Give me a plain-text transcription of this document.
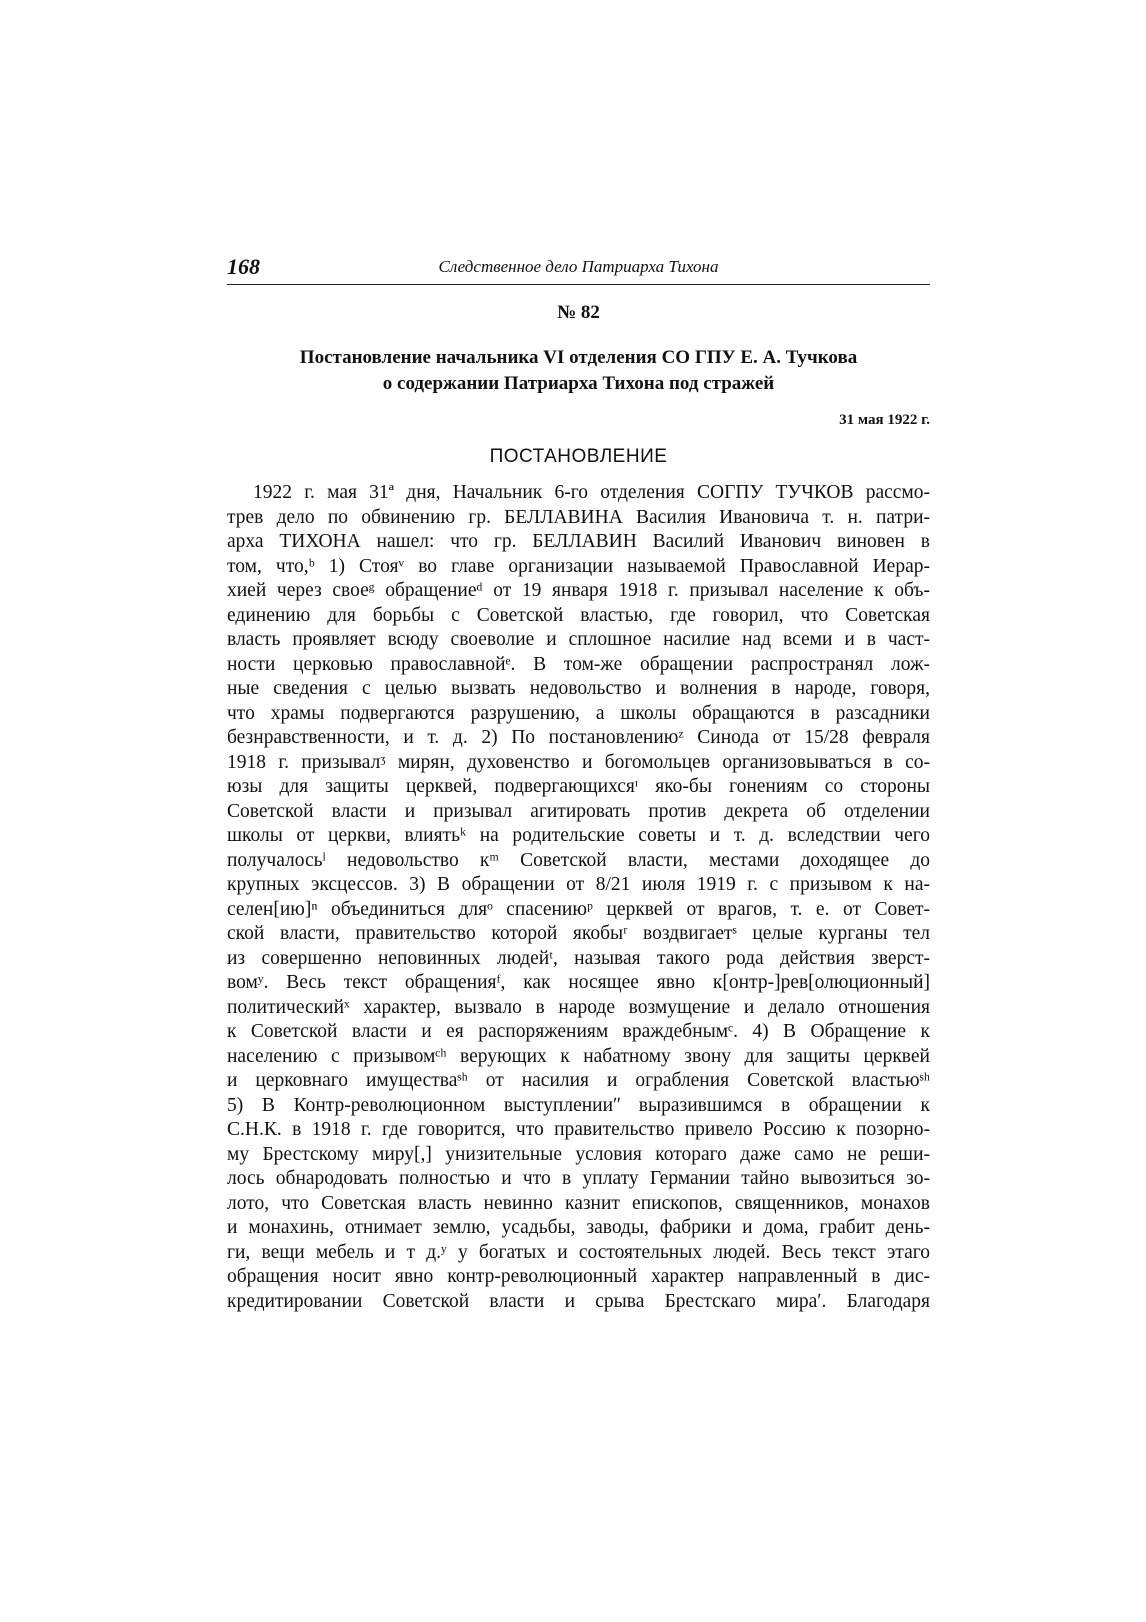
168	Следственное дело Патриарха Тихона
№ 82
Постановление начальника VI отделения СО ГПУ Е. А. Тучкова
о содержании Патриарха Тихона под стражей
31 мая 1922 г.
ПОСТАНОВЛЕНИЕ
1922 г. мая 31ª дня, Начальник 6-го отделения СОГПУ ТУЧКОВ рассмо-
трев дело по обвинению гр. БЕЛЛАВИНА Василия Ивановича т. н. патри-
арха ТИХОНА нашел: что гр. БЕЛЛАВИН Василий Иванович виновен в
том, что,ᵇ 1) Стояᵛ во главе организации называемой Православной Иерар-
хией через своеᵍ обращениеᵈ от 19 января 1918 г. призывал население к объ-
единению для борьбы с Советской властью, где говорил, что Советская
власть проявляет всюду своеволие и сплошное насилие над всеми и в част-
ности церковью православнойᵉ. В том-же обращении распространял лож-
ные сведения с целью вызвать недовольство и волнения в народе, говоря,
что храмы подвергаются разрушению, а школы обращаются в разсадники
безнравственности, и т. д. 2) По постановлениюᶻ Синода от 15/28 февраля
1918 г. призывалᶾ мирян, духовенство и богомольцев организовываться в со-
юзы для защиты церквей, подвергающихсяᶦ яко-бы гонениям со стороны
Советской власти и призывал агитировать против декрета об отделении
школы от церкви, влиятьᵏ на родительские советы и т. д. вследствии чего
получалосьˡ недовольство кᵐ Советской власти, местами доходящее до
крупных эксцессов. 3) В обращении от 8/21 июля 1919 г. с призывом к на-
селен[ию]ⁿ объединиться дляᵒ спасениюᵖ церквей от врагов, т. е. от Совет-
ской власти, правительство которой якобыʳ воздвигаетˢ целые курганы тел
из совершенно неповинных людейᵗ, называя такого рода действия зверст-
вомʸ. Весь текст обращенияᶠ, как носящее явно к[онтр-]рев[олюционный]
политическийˣ характер, вызвало в народе возмущение и делало отношения
к Советской власти и ея распоряжениям враждебнымᶜ. 4) В Обращение к
населению с призывомᶜʰ верующих к набатному звону для защиты церквей
и церковнаго имуществаˢʰ от насилия и ограбления Советской властьюˢʰ
5) В Контр-революционном выступленииʺ выразившимся в обращении к
С.Н.К. в 1918 г. где говорится, что правительство привело Россию к позорно-
му Брестскому миру[,] унизительные условия котораго даже само не реши-
лось обнародовать полностью и что в уплату Германии тайно вывозиться зо-
лото, что Советская власть невинно казнит епископов, священников, монахов
и монахинь, отнимает землю, усадьбы, заводы, фабрики и дома, грабит день-
ги, вещи мебель и т д.ʸ у богатых и состоятельных людей. Весь текст этаго
обращения носит явно контр-революционный характер направленный в дис-
кредитировании Советской власти и срыва Брестскаго мираʹ. Благодаря
